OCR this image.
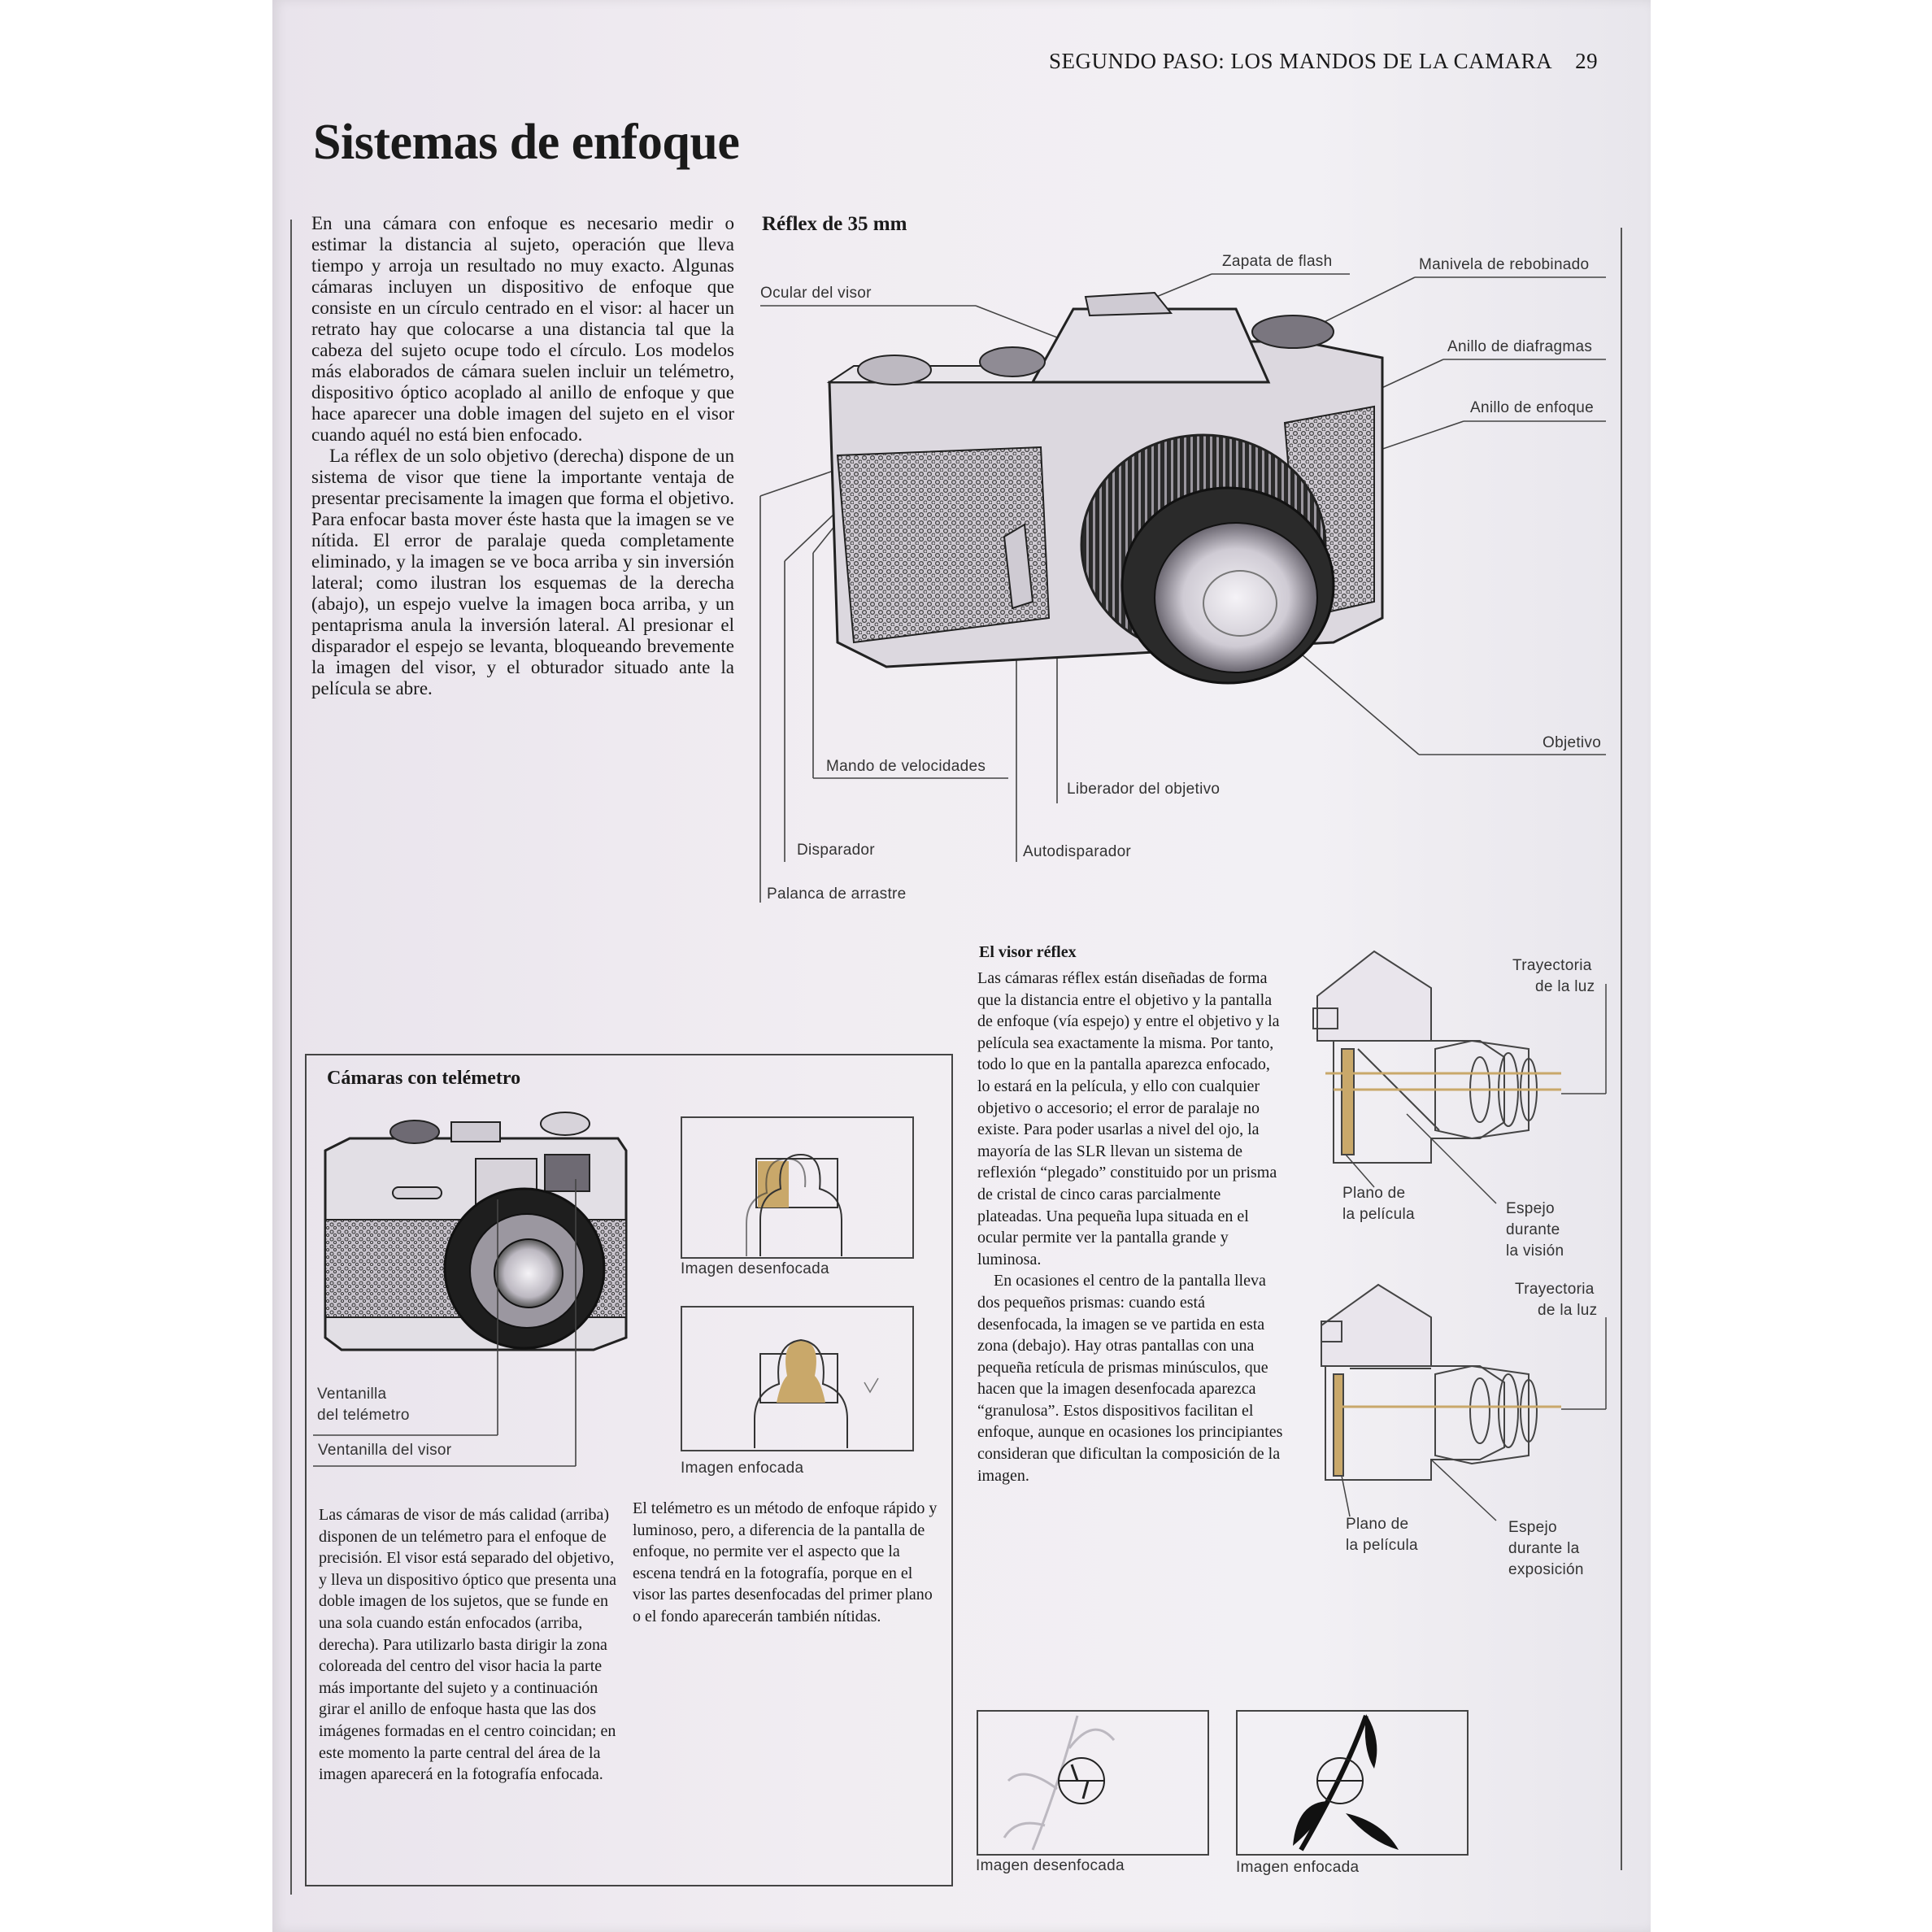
SEGUNDO PASO: LOS MANDOS DE LA CAMARA 29
Sistemas de enfoque

En una cámara con enfoque es necesario medir o estimar la distancia al sujeto, operación que lleva tiempo y arroja un resultado no muy exacto. Algunas cámaras incluyen un dispositivo de enfoque que consiste en un círculo centrado en el visor: al hacer un retrato hay que colocarse a una distancia tal que la cabeza del sujeto ocupe todo el círculo. Los modelos más elaborados de cámara suelen incluir un telémetro, dispositivo óptico acoplado al anillo de enfoque y que hace aparecer una doble imagen del sujeto en el visor cuando aquél no está bien enfocado.

La réflex de un solo objetivo (derecha) dispone de un sistema de visor que tiene la importante ventaja de presentar precisamente la imagen que forma el objetivo. Para enfocar basta mover éste hasta que la imagen se ve nítida. El error de paralaje queda completamente eliminado, y la imagen se ve boca arriba y sin inversión lateral; como ilustran los esquemas de la derecha (abajo), un espejo vuelve la imagen boca arriba, y un pentaprisma anula la inversión lateral. Al presionar el disparador el espejo se levanta, bloqueando brevemente la imagen del visor, y el obturador situado ante la película se abre.

Réflex de 35 mm
Ocular del visor
Zapata de flash	Manivela de rebobinado
Anillo de diafragmas
Anillo de enfoque
Objetivo
Mando de velocidades
Liberador del objetivo
Disparador	Autodisparador
Palanca de arrastre
El visor réflex

Las cámaras réflex están diseñadas de forma que la distancia entre el objetivo y la pantalla de enfoque (vía espejo) y entre el objetivo y la película sea exactamente la misma. Por tanto, todo lo que en la pantalla aparezca enfocado, lo estará en la película, y ello con cualquier objetivo o accesorio; el error de paralaje no existe. Para poder usarlas a nivel del ojo, la mayoría de las SLR llevan un sistema de reflexión “plegado” constituido por un prisma de cristal de cinco caras parcialmente plateadas. Una pequeña lupa situada en el ocular permite ver la pantalla grande y luminosa.

En ocasiones el centro de la pantalla lleva dos pequeños prismas: cuando está desenfocada, la imagen se ve partida en esta zona (debajo). Hay otras pantallas con una pequeña retícula de prismas minúsculos, que hacen que la imagen desenfocada aparezca “granulosa”. Estos dispositivos facilitan el enfoque, aunque en ocasiones los principiantes consideran que dificultan la composición de la imagen.

Trayectoria
de la luz
Plano de
la película	Espejo
durante
la visión
Trayectoria
de la luz
Plano de
la película
Espejo
durante la
exposición
Imagen desenfocada	Imagen enfocada
Cámaras con telémetro
Ventanilla
del telémetro
Ventanilla del visor
Imagen desenfocada
Imagen enfocada
Las cámaras de visor de más calidad (arriba) disponen de un telémetro para el enfoque de precisión. El visor está separado del objetivo, y lleva un dispositivo óptico que presenta una doble imagen de los sujetos, que se funde en una sola cuando están enfocados (arriba, derecha). Para utilizarlo basta dirigir la zona coloreada del centro del visor hacia la parte más importante del sujeto y a continuación girar el anillo de enfoque hasta que las dos imágenes formadas en el centro coincidan; en este momento la parte central del área de la imagen aparecerá en la fotografía enfocada.
El telémetro es un método de enfoque rápido y luminoso, pero, a diferencia de la pantalla de enfoque, no permite ver el aspecto que la escena tendrá en la fotografía, porque en el visor las partes desenfocadas del primer plano o el fondo aparecerán también nítidas.
